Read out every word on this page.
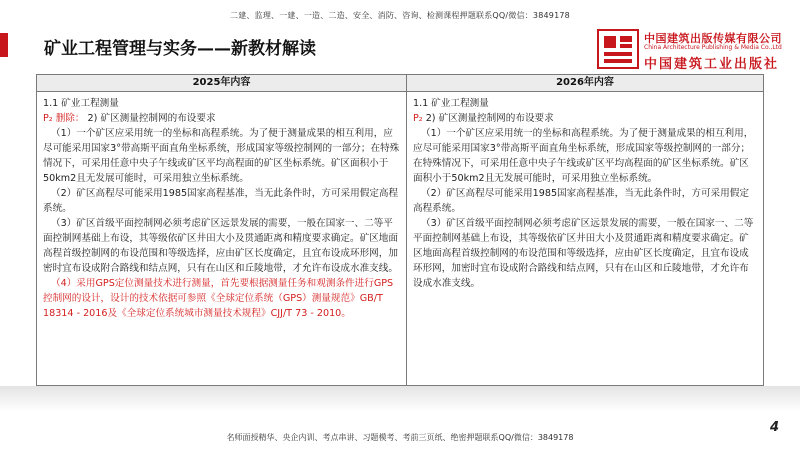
二建、监理、一建、一造、二造、安全、消防、咨询、检测课程押题联系QQ/微信：3849178
矿业工程管理与实务——新教材解读
中国建筑出版传媒有限公司
China Architecture Publishing & Media Co.,Ltd
中国建筑工业出版社
2025年内容

1.1 矿业工程测量

P₂ 删除： 2) 矿区测量控制网的布设要求

（1）一个矿区应采用统一的坐标和高程系统。为了便于测量成果的相互利用，应尽可能采用国家3°带高斯平面直角坐标系统，形成国家等级控制网的一部分；在特殊情况下，可采用任意中央子午线或矿区平均高程面的矿区坐标系统。矿区面积小于50km2且无发展可能时，可采用独立坐标系统。

（2）矿区高程尽可能采用1985国家高程基准，当无此条件时，方可采用假定高程系统。

（3）矿区首级平面控制网必须考虑矿区远景发展的需要，一般在国家一、二等平面控制网基础上布设，其等级依矿区井田大小及贯通距离和精度要求确定。矿区地面高程首级控制网的布设范围和等级选择，应由矿区长度确定，且宜布设成环形网，加密时宜布设成附合路线和结点网，只有在山区和丘陵地带，才允许布设成水准支线。

（4）采用GPS定位测量技术进行测量，首先要根据测量任务和观测条件进行GPS控制网的设计，设计的技术依据可参照《全球定位系统（GPS）测量规范》GB/T 18314 - 2016及《全球定位系统城市测量技术规程》CJJ/T 73 - 2010。

2026年内容

1.1 矿业工程测量

P₂ 2) 矿区测量控制网的布设要求

（1）一个矿区应采用统一的坐标和高程系统。为了便于测量成果的相互利用，应尽可能采用国家3°带高斯平面直角坐标系统，形成国家等级控制网的一部分；在特殊情况下，可采用任意中央子午线或矿区平均高程面的矿区坐标系统。矿区面积小于50km2且无发展可能时，可采用独立坐标系统。

（2）矿区高程尽可能采用1985国家高程基准，当无此条件时，方可采用假定高程系统。

（3）矿区首级平面控制网必须考虑矿区远景发展的需要，一般在国家一、二等平面控制网基础上布设，其等级依矿区井田大小及贯通距离和精度要求确定。矿区地面高程首级控制网的布设范围和等级选择，应由矿区长度确定，且宜布设成环形网，加密时宜布设成附合路线和结点网，只有在山区和丘陵地带，才允许布设成水准支线。

4
名师面授精华、央企内训、考点串讲、习题模考、考前三页纸、绝密押题联系QQ/微信：3849178
